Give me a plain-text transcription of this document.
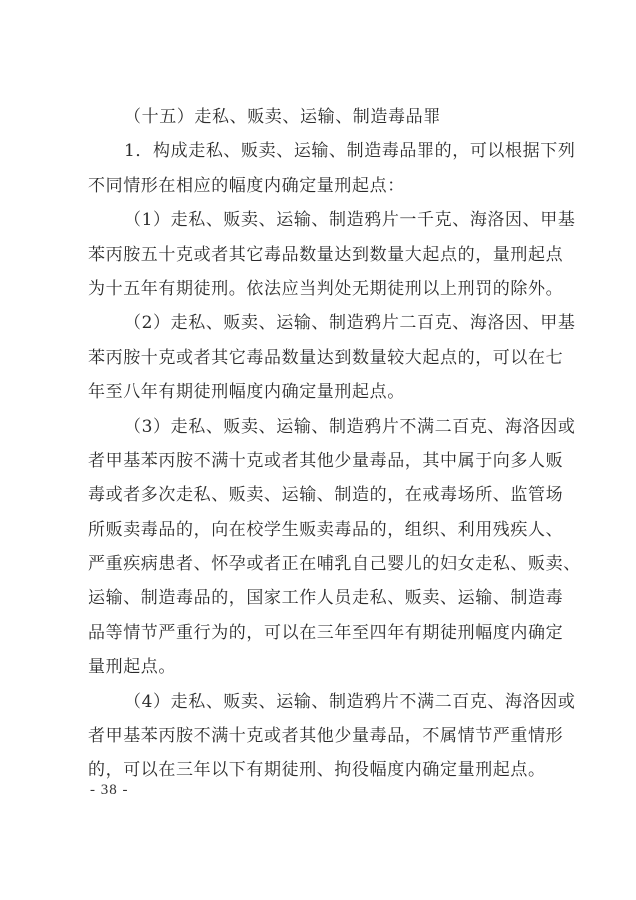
（十五）走私、贩卖、运输、制造毒品罪
1．构成走私、贩卖、运输、制造毒品罪的，可以根据下列
不同情形在相应的幅度内确定量刑起点：
（1）走私、贩卖、运输、制造鸦片一千克、海洛因、甲基
苯丙胺五十克或者其它毒品数量达到数量大起点的，量刑起点
为十五年有期徒刑。依法应当判处无期徒刑以上刑罚的除外。
（2）走私、贩卖、运输、制造鸦片二百克、海洛因、甲基
苯丙胺十克或者其它毒品数量达到数量较大起点的，可以在七
年至八年有期徒刑幅度内确定量刑起点。
（3）走私、贩卖、运输、制造鸦片不满二百克、海洛因或
者甲基苯丙胺不满十克或者其他少量毒品，其中属于向多人贩
毒或者多次走私、贩卖、运输、制造的，在戒毒场所、监管场
所贩卖毒品的，向在校学生贩卖毒品的，组织、利用残疾人、
严重疾病患者、怀孕或者正在哺乳自己婴儿的妇女走私、贩卖、
运输、制造毒品的，国家工作人员走私、贩卖、运输、制造毒
品等情节严重行为的，可以在三年至四年有期徒刑幅度内确定
量刑起点。
（4）走私、贩卖、运输、制造鸦片不满二百克、海洛因或
者甲基苯丙胺不满十克或者其他少量毒品，不属情节严重情形
的，可以在三年以下有期徒刑、拘役幅度内确定量刑起点。
- 38 -
